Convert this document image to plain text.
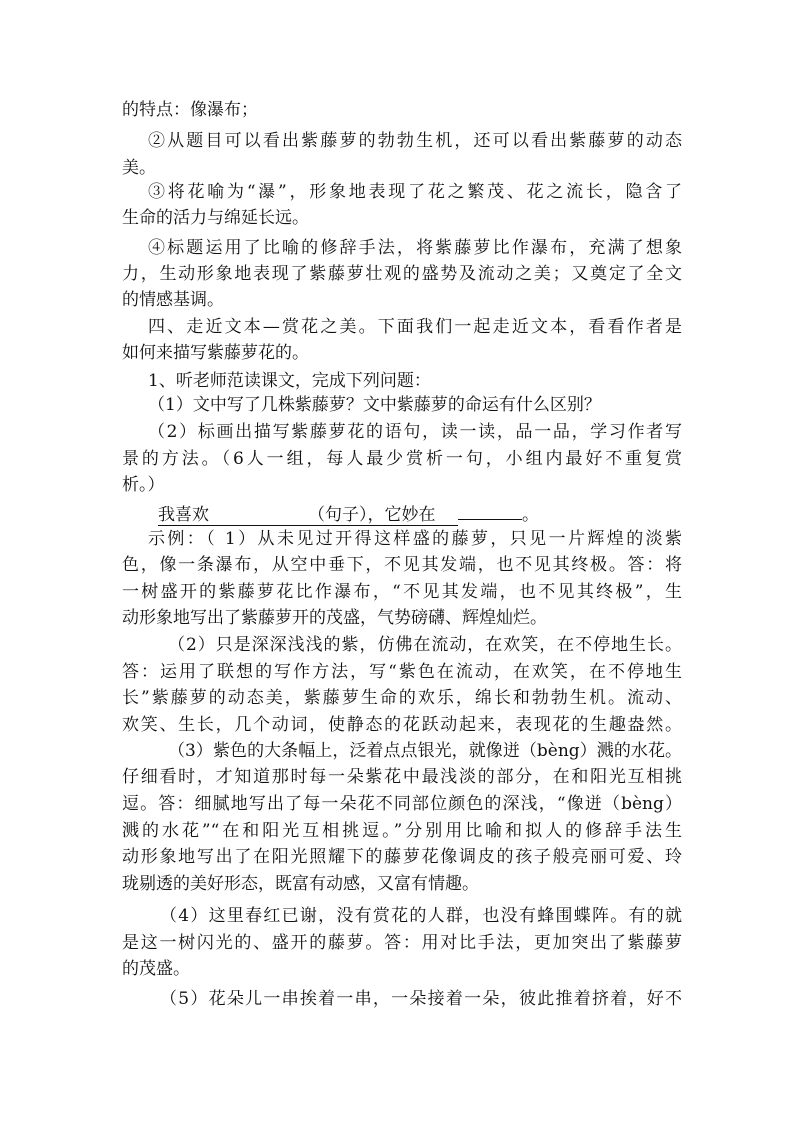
的特点：像瀑布；
②从题目可以看出紫藤萝的勃勃生机，还可以看出紫藤萝的动态
美。
③将花喻为“瀑”，形象地表现了花之繁茂、花之流长，隐含了
生命的活力与绵延长远。
④标题运用了比喻的修辞手法，将紫藤萝比作瀑布，充满了想象
力，生动形象地表现了紫藤萝壮观的盛势及流动之美；又奠定了全文
的情感基调。
四、走近文本—赏花之美。下面我们一起走近文本，看看作者是
如何来描写紫藤萝花的。
1、听老师范读课文，完成下列问题：
（1）文中写了几株紫藤萝？文中紫藤萝的命运有什么区别？
（2）标画出描写紫藤萝花的语句，读一读，品一品，学习作者写
景的方法。（6人一组，每人最少赏析一句，小组内最好不重复赏
析。）
我喜欢	（句子），它妙在	。
示例：（ 1）从未见过开得这样盛的藤萝，只见一片辉煌的淡紫
色，像一条瀑布，从空中垂下，不见其发端，也不见其终极。答：将
一树盛开的紫藤萝花比作瀑布，“不见其发端，也不见其终极”，生
动形象地写出了紫藤萝开的茂盛，气势磅礴、辉煌灿烂。
（2）只是深深浅浅的紫，仿佛在流动，在欢笑，在不停地生长。
答：运用了联想的写作方法，写“紫色在流动，在欢笑，在不停地生
长”紫藤萝的动态美，紫藤萝生命的欢乐，绵长和勃勃生机。流动、
欢笑、生长，几个动词，使静态的花跃动起来，表现花的生趣盎然。
（3）紫色的大条幅上，泛着点点银光，就像迸（bèng）溅的水花。
仔细看时，才知道那时每一朵紫花中最浅淡的部分，在和阳光互相挑
逗。答：细腻地写出了每一朵花不同部位颜色的深浅，“像迸（bèng）
溅的水花”“在和阳光互相挑逗。”分别用比喻和拟人的修辞手法生
动形象地写出了在阳光照耀下的藤萝花像调皮的孩子般亮丽可爱、玲
珑剔透的美好形态，既富有动感，又富有情趣。
（4）这里春红已谢，没有赏花的人群，也没有蜂围蝶阵。有的就
是这一树闪光的、盛开的藤萝。答：用对比手法，更加突出了紫藤萝
的茂盛。
（5）花朵儿一串挨着一串，一朵接着一朵，彼此推着挤着，好不
